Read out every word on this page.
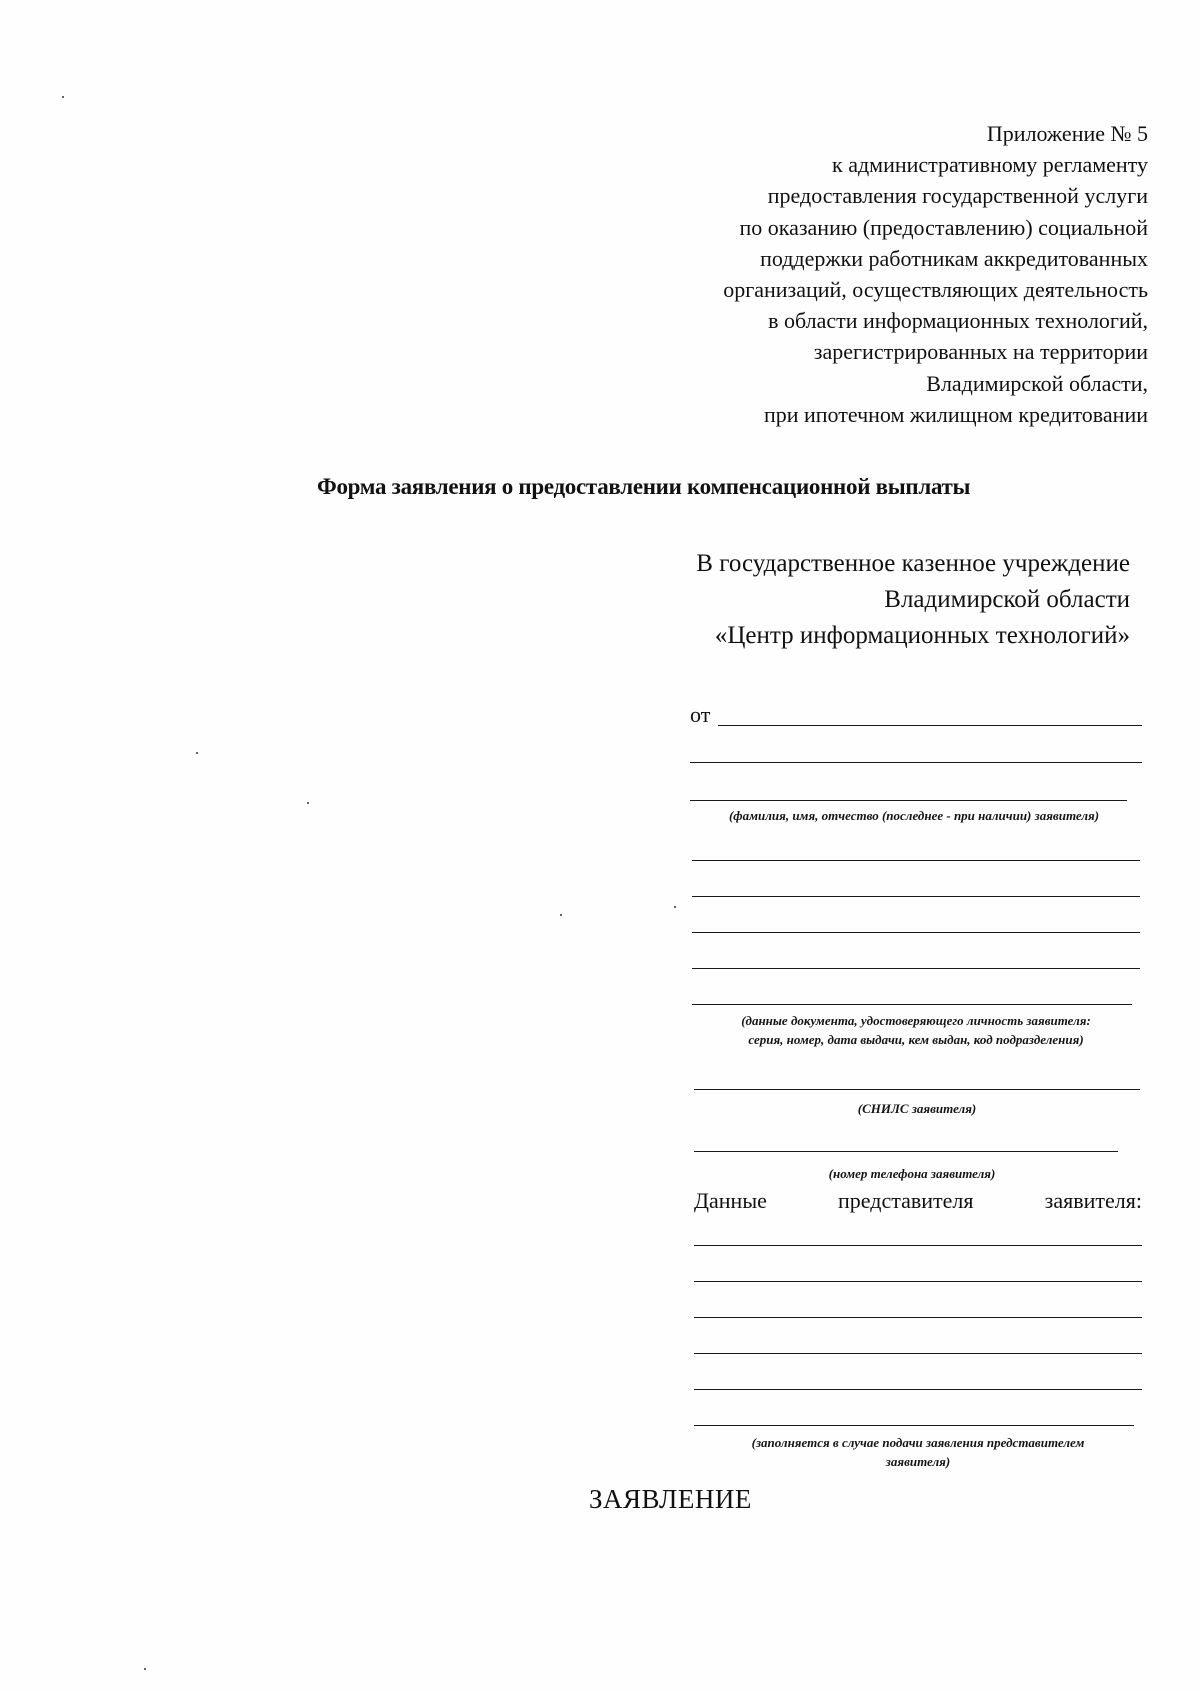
Приложение № 5
к административному регламенту
предоставления государственной услуги
по оказанию (предоставлению) социальной
поддержки работникам аккредитованных
организаций, осуществляющих деятельность
в области информационных технологий,
зарегистрированных на территории
Владимирской области,
при ипотечном жилищном кредитовании
Форма заявления о предоставлении компенсационной выплаты
В государственное казенное учреждение
Владимирской области
«Центр информационных технологий»
от
(фамилия, имя, отчество (последнее - при наличии) заявителя)
(данные документа, удостоверяющего личность заявителя:
серия, номер, дата выдачи, кем выдан, код подразделения)
(СНИЛС заявителя)
(номер телефона заявителя)
Данные	представителя	заявителя:
(заполняется в случае подачи заявления представителем
заявителя)
ЗАЯВЛЕНИЕ
